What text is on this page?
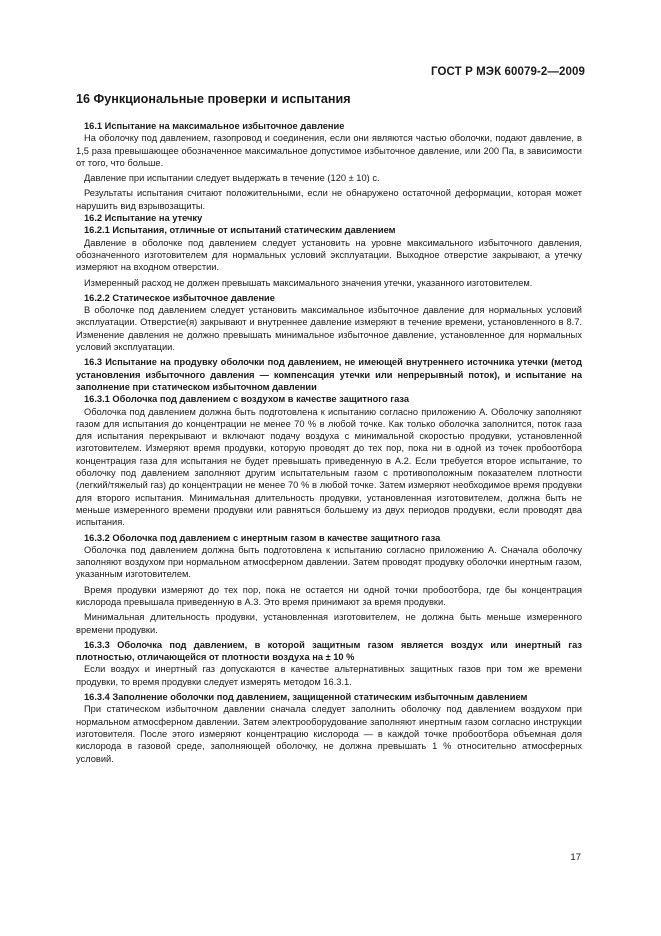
ГОСТ Р МЭК 60079-2—2009
16 Функциональные проверки и испытания

16.1 Испытание на максимальное избыточное давление

На оболочку под давлением, газопровод и соединения, если они являются частью оболочки, подают давление, в 1,5 раза превышающее обозначенное максимальное допустимое избыточное давление, или 200 Па, в зависимости от того, что больше.

Давление при испытании следует выдержать в течение (120 ± 10) с.

Результаты испытания считают положительными, если не обнаружено остаточной деформации, которая может нарушить вид взрывозащиты.

16.2 Испытание на утечку

16.2.1 Испытания, отличные от испытаний статическим давлением

Давление в оболочке под давлением следует установить на уровне максимального избыточного давления, обозначенного изготовителем для нормальных условий эксплуатации. Выходное отверстие закрывают, а утечку измеряют на входном отверстии.

Измеренный расход не должен превышать максимального значения утечки, указанного изготовителем.

16.2.2 Статическое избыточное давление

В оболочке под давлением следует установить максимальное избыточное давление для нормальных условий эксплуатации. Отверстие(я) закрывают и внутреннее давление измеряют в течение времени, установленного в 8.7. Изменение давления не должно превышать минимальное избыточное давление, установленное для нормальных условий эксплуатации.

16.3 Испытание на продувку оболочки под давлением, не имеющей внутреннего источника утечки (метод установления избыточного давления — компенсация утечки или непрерывный поток), и испытание на заполнение при статическом избыточном давлении

16.3.1 Оболочка под давлением с воздухом в качестве защитного газа

Оболочка под давлением должна быть подготовлена к испытанию согласно приложению А. Оболочку заполняют газом для испытания до концентрации не менее 70 % в любой точке. Как только оболочка заполнится, поток газа для испытания перекрывают и включают подачу воздуха с минимальной скоростью продувки, установленной изготовителем. Измеряют время продувки, которую проводят до тех пор, пока ни в одной из точек пробоотбора концентрация газа для испытания не будет превышать приведенную в А.2. Если требуется второе испытание, то оболочку под давлением заполняют другим испытательным газом с противоположным показателем плотности (легкий/тяжелый газ) до концентрации не менее 70 % в любой точке. Затем измеряют необходимое время продувки для второго испытания. Минимальная длительность продувки, установленная изготовителем, должна быть не меньше измеренного времени продувки или равняться большему из двух периодов продувки, если проводят два испытания.

16.3.2 Оболочка под давлением с инертным газом в качестве защитного газа

Оболочка под давлением должна быть подготовлена к испытанию согласно приложению А. Сначала оболочку заполняют воздухом при нормальном атмосферном давлении. Затем проводят продувку оболочки инертным газом, указанным изготовителем.

Время продувки измеряют до тех пор, пока не остается ни одной точки пробоотбора, где бы концентрация кислорода превышала приведенную в А.3. Это время принимают за время продувки.

Минимальная длительность продувки, установленная изготовителем, не должна быть меньше измеренного времени продувки.

16.3.3 Оболочка под давлением, в которой защитным газом является воздух или инертный газ плотностью, отличающейся от плотности воздуха на ± 10 %

Если воздух и инертный газ допускаются в качестве альтернативных защитных газов при том же времени продувки, то время продувки следует измерять методом 16.3.1.

16.3.4 Заполнение оболочки под давлением, защищенной статическим избыточным давлением

При статическом избыточном давлении сначала следует заполнить оболочку под давлением воздухом при нормальном атмосферном давлении. Затем электрооборудование заполняют инертным газом согласно инструкции изготовителя. После этого измеряют концентрацию кислорода — в каждой точке пробоотбора объемная доля кислорода в газовой среде, заполняющей оболочку, не должна превышать 1 % относительно атмосферных условий.

17
